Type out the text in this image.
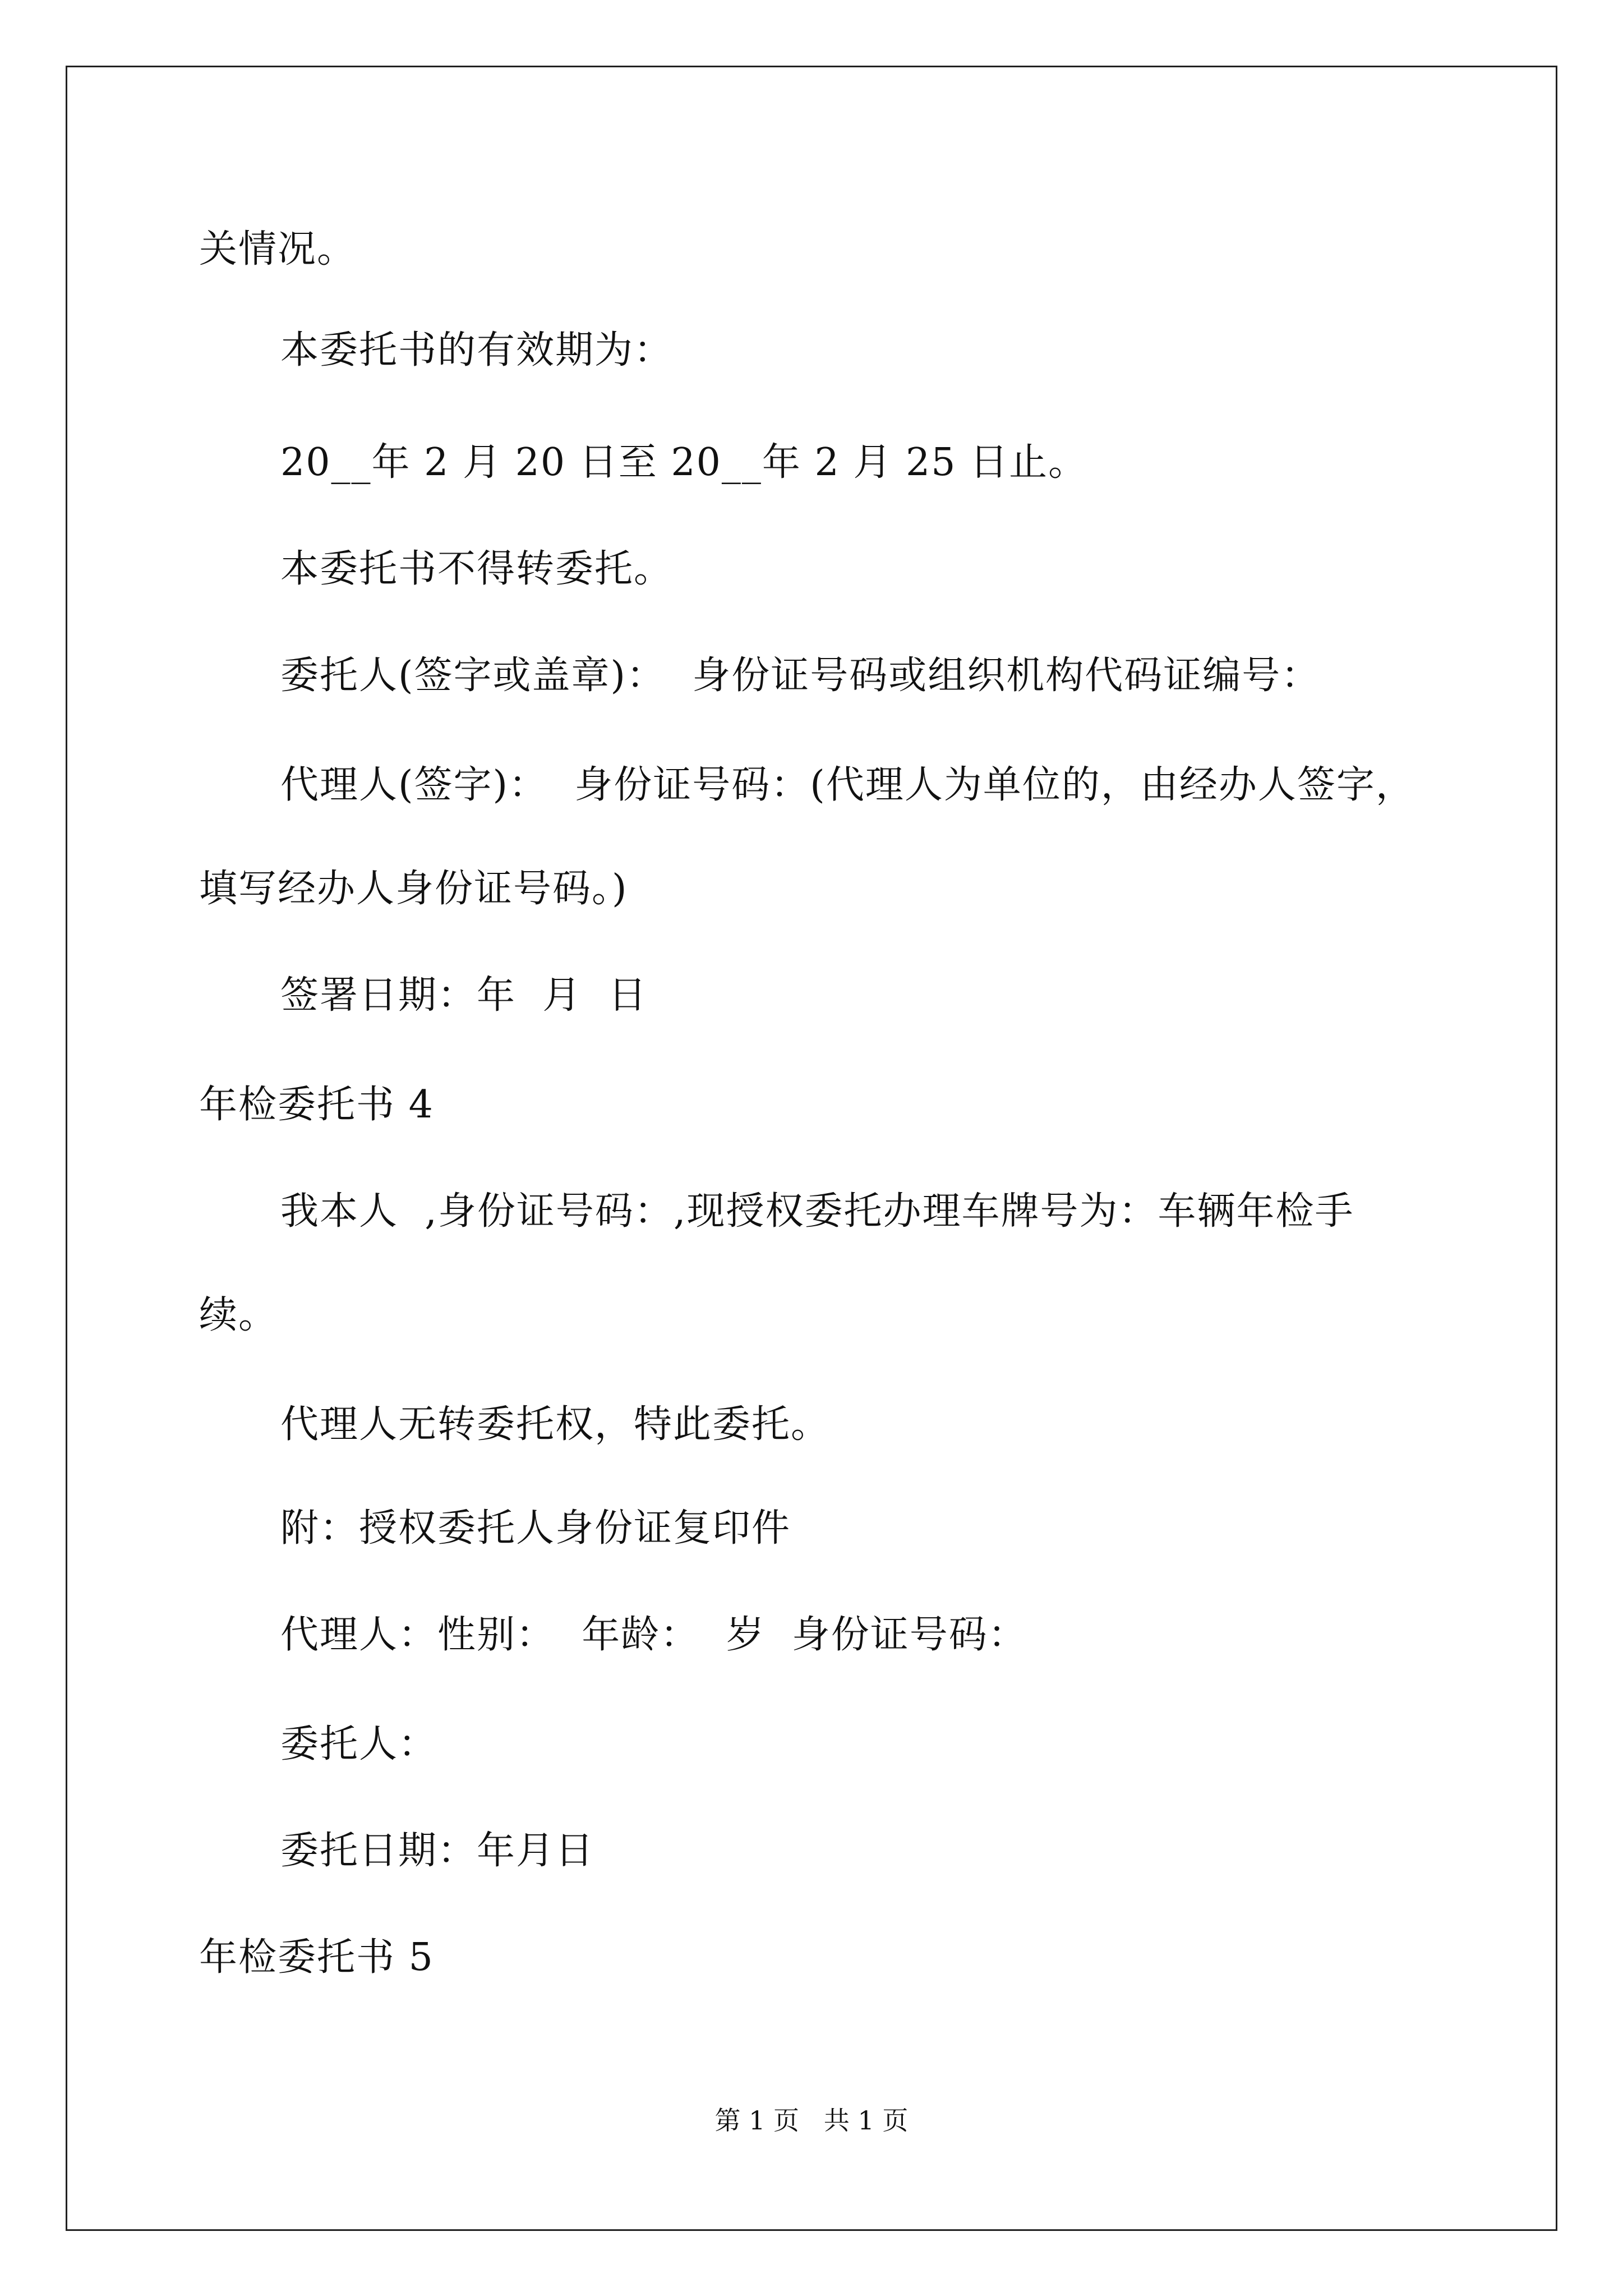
关情况。
本委托书的有效期为：
20__年 2 月 20 日至 20__年 2 月 25 日止。
本委托书不得转委托。
委托人(签字或盖章)：  身份证号码或组织机构代码证编号：
代理人(签字)：  身份证号码：(代理人为单位的，由经办人签字，
填写经办人身份证号码。)
签署日期：年  月  日
年检委托书 4
我本人  ,身份证号码：,现授权委托办理车牌号为：车辆年检手
续。
代理人无转委托权，特此委托。
附：授权委托人身份证复印件
代理人：性别：  年龄：  岁  身份证号码：
委托人：
委托日期：年月日
年检委托书 5
第 1 页   共 1 页
